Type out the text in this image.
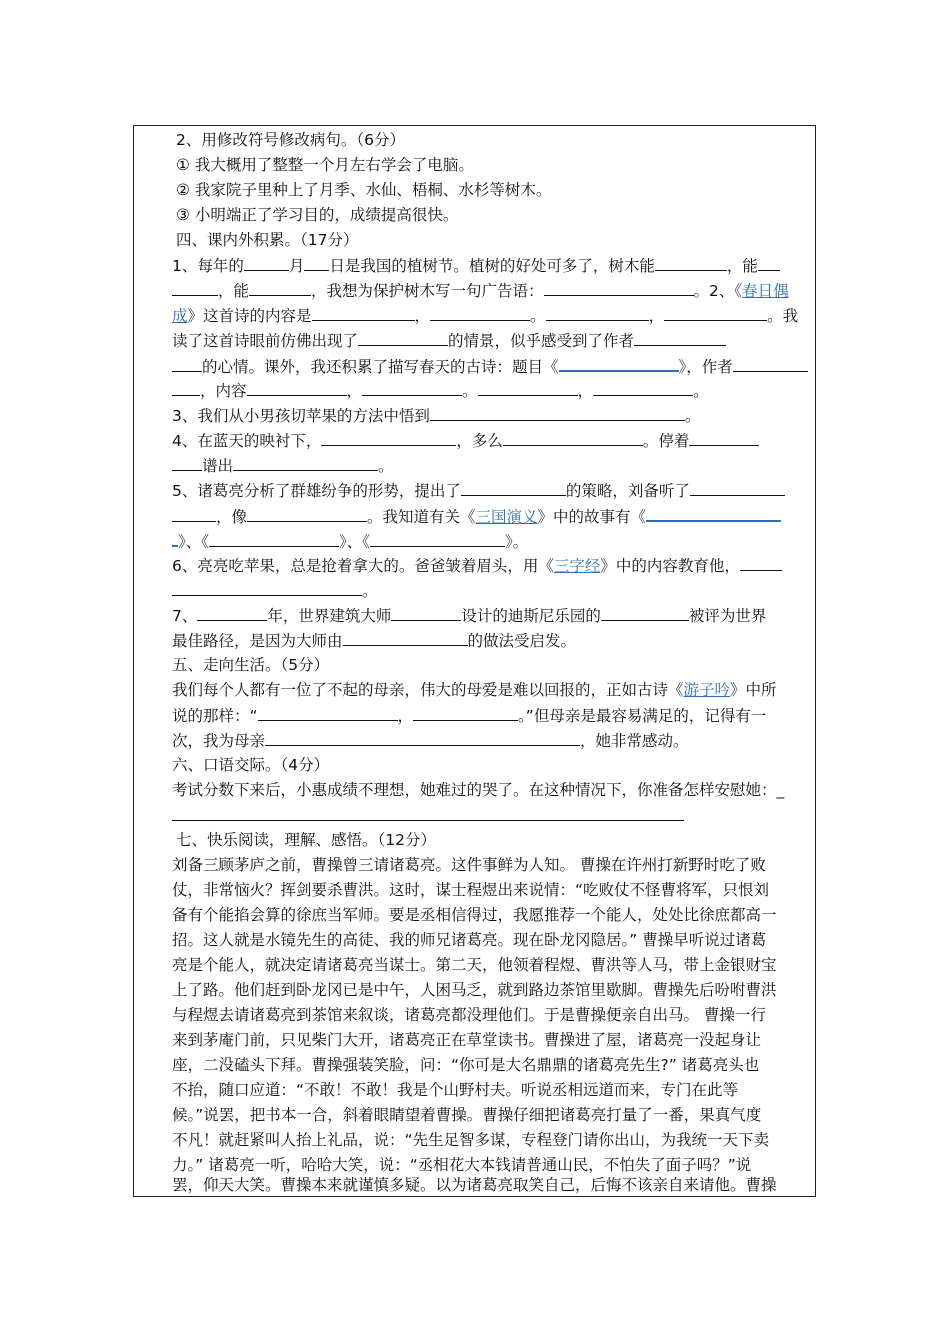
2、用修改符号修改病句。（6分）
① 我大概用了整整一个月左右学会了电脑。
② 我家院子里种上了月季、水仙、梧桐、水杉等树木。
③ 小明端正了学习目的，成绩提高很快。
四、课内外积累。（17分）
1、每年的	月 日是我国的植树节。植树的好处可多了，树木能	，能
，能	，我想为保护树木写一句广告语：	。2、《春日偶
成》这首诗的内容是	，	。	，	。我
读了这首诗眼前仿佛出现了	的情景，似乎感受到了作者
的心情。课外，我还积累了描写春天的古诗：题目《	》，作者
，内容	，	。	，	。
3、我们从小男孩切苹果的方法中悟到	。
4、在蓝天的映衬下，	，多么	。停着
谱出	。
5、诸葛亮分析了群雄纷争的形势，提出了	的策略，刘备听了
，像	。我知道有关《三国演义》中的故事有《
》、《	》、《	》。
6、亮亮吃苹果，总是抢着拿大的。爸爸皱着眉头，用《三字经》中的内容教育他，
。
7、	年，世界建筑大师	设计的迪斯尼乐园的	被评为世界
最佳路径，是因为大师由	的做法受启发。
五、走向生活。（5分）
我们每个人都有一位了不起的母亲，伟大的母爱是难以回报的，正如古诗《游子吟》中所
说的那样：“	，	。”但母亲是最容易满足的，记得有一
次，我为母亲	，她非常感动。
六、口语交际。（4分）
考试分数下来后，小惠成绩不理想，她难过的哭了。在这种情况下，你准备怎样安慰她：_
七、快乐阅读，理解、感悟。（12分）
刘备三顾茅庐之前，曹操曾三请诸葛亮。这件事鲜为人知。 曹操在许州打新野时吃了败
仗，非常恼火？挥剑要杀曹洪。这时，谋士程煜出来说情：“吃败仗不怪曹将军，只恨刘
备有个能掐会算的徐庶当军师。要是丞相信得过，我愿推荐一个能人，处处比徐庶都高一
招。这人就是水镜先生的高徒、我的师兄诸葛亮。现在卧龙冈隐居。” 曹操早听说过诸葛
亮是个能人，就决定请诸葛亮当谋士。第二天，他领着程煜、曹洪等人马，带上金银财宝
上了路。他们赶到卧龙冈已是中午，人困马乏，就到路边茶馆里歇脚。曹操先后吩咐曹洪
与程煜去请诸葛亮到茶馆来叙谈，诸葛亮都没理他们。于是曹操便亲自出马。 曹操一行
来到茅庵门前，只见柴门大开，诸葛亮正在草堂读书。曹操进了屋，诸葛亮一没起身让
座，二没磕头下拜。曹操强装笑脸，问：“你可是大名鼎鼎的诸葛亮先生?” 诸葛亮头也
不抬，随口应道：“不敢！不敢！我是个山野村夫。听说丞相远道而来，专门在此等
候。”说罢，把书本一合，斜着眼睛望着曹操。曹操仔细把诸葛亮打量了一番，果真气度
不凡！就赶紧叫人抬上礼品，说：“先生足智多谋，专程登门请你出山，为我统一天下卖
力。” 诸葛亮一听，哈哈大笑，说：“丞相花大本钱请普通山民，不怕失了面子吗？”说
罢，仰天大笑。曹操本来就谨慎多疑。以为诸葛亮取笑自己，后悔不该亲自来请他。曹操
